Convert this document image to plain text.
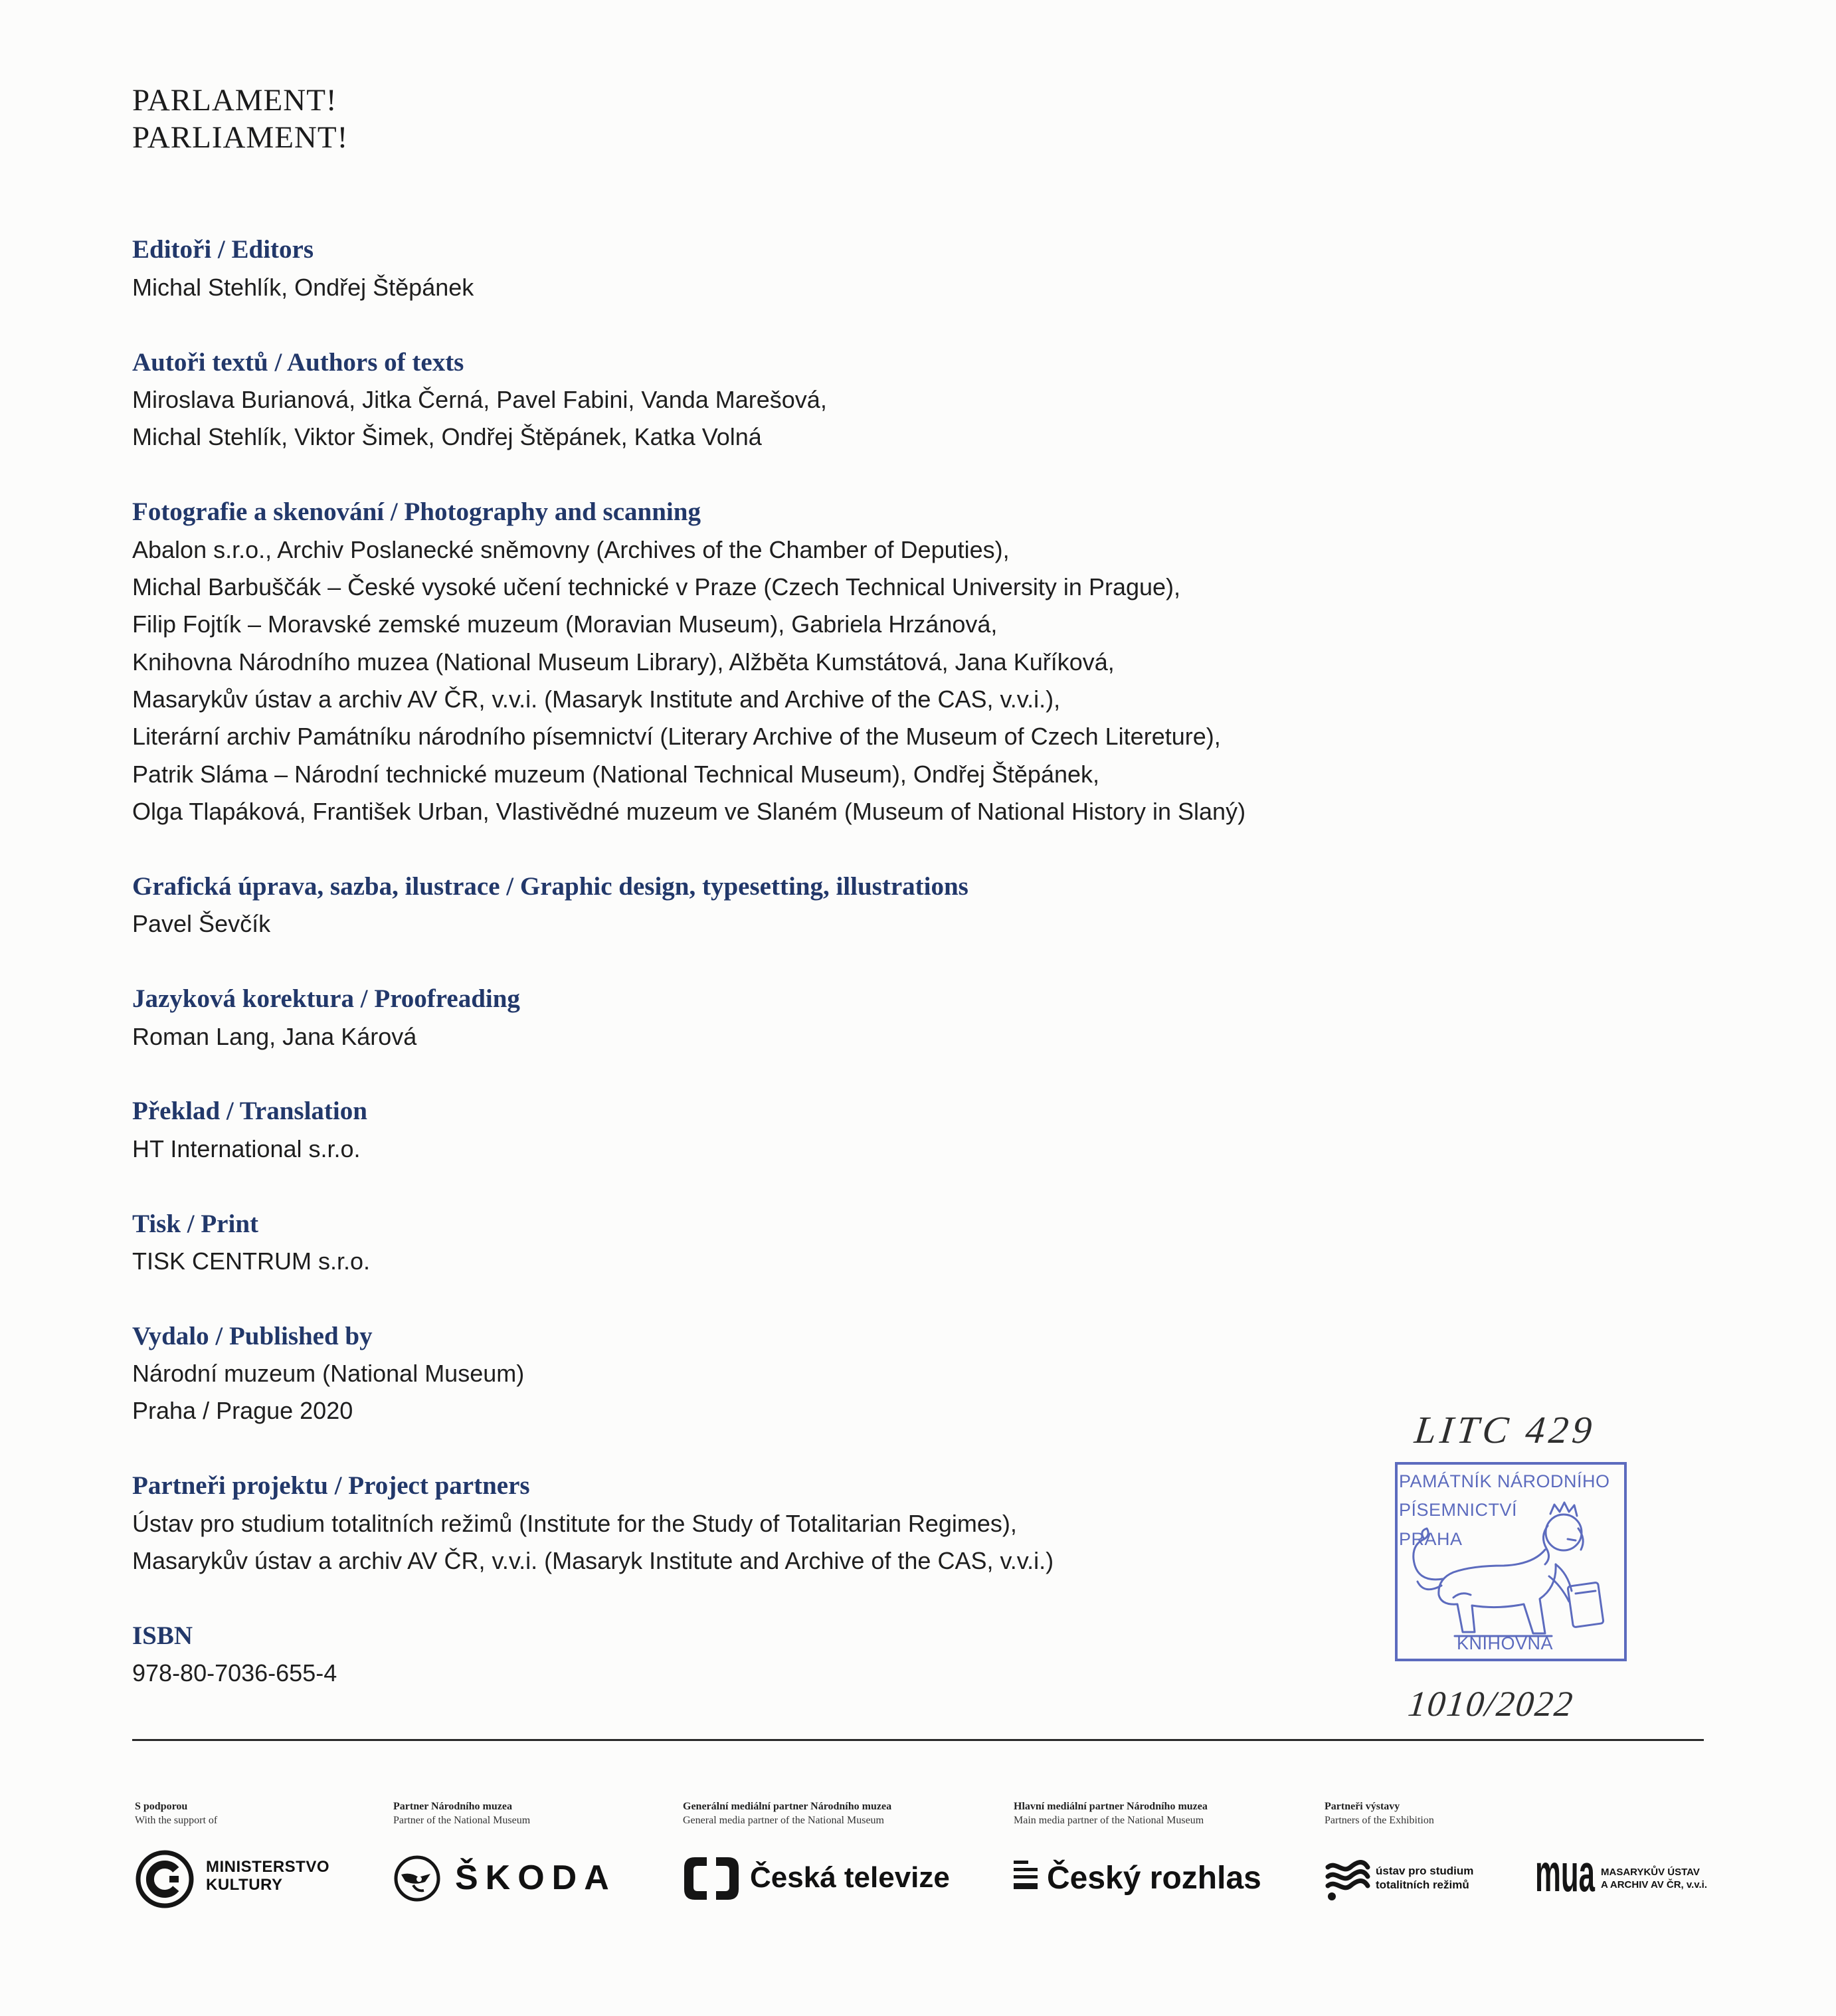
PARLAMENT!
PARLIAMENT!
Editoři / Editors
Michal Stehlík, Ondřej Štěpánek
Autoři textů / Authors of texts
Miroslava Burianová, Jitka Černá, Pavel Fabini, Vanda Marešová,
Michal Stehlík, Viktor Šimek, Ondřej Štěpánek, Katka Volná
Fotografie a skenování / Photography and scanning
Abalon s.r.o., Archiv Poslanecké sněmovny (Archives of the Chamber of Deputies),
Michal Barbuščák – České vysoké učení technické v Praze (Czech Technical University in Prague),
Filip Fojtík – Moravské zemské muzeum (Moravian Museum), Gabriela Hrzánová,
Knihovna Národního muzea (National Museum Library), Alžběta Kumstátová, Jana Kuříková,
Masarykův ústav a archiv AV ČR, v.v.i. (Masaryk Institute and Archive of the CAS, v.v.i.),
Literární archiv Památníku národního písemnictví (Literary Archive of the Museum of Czech Litereture),
Patrik Sláma – Národní technické muzeum (National Technical Museum), Ondřej Štěpánek,
Olga Tlapáková, František Urban, Vlastivědné muzeum ve Slaném (Museum of National History in Slaný)
Grafická úprava, sazba, ilustrace / Graphic design, typesetting, illustrations
Pavel Ševčík
Jazyková korektura / Proofreading
Roman Lang, Jana Kárová
Překlad / Translation
HT International s.r.o.
Tisk / Print
TISK CENTRUM s.r.o.
Vydalo / Published by
Národní muzeum (National Museum)
Praha / Prague 2020
Partneři projektu / Project partners
Ústav pro studium totalitních režimů (Institute for the Study of Totalitarian Regimes),
Masarykův ústav a archiv AV ČR, v.v.i. (Masaryk Institute and Archive of the CAS, v.v.i.)
ISBN
978-80-7036-655-4
LITC 429
PAMÁTNÍK NÁRODNÍHO
PÍSEMNICTVÍ
PRAHA
KNIHOVNA
1010/2022
S podporou
With the support of
Partner Národního muzea
Partner of the National Museum
Generální mediální partner Národního muzea
General media partner of the National Museum
Hlavní mediální partner Národního muzea
Main media partner of the National Museum
Partneři výstavy
Partners of the Exhibition
MINISTERSTVO
KULTURY	ŠKODA	Česká televize	Český rozhlas	ústav pro studium
totalitních režimů mua MASARYKŮV ÚSTAV
A ARCHIV AV ČR, v.v.i.
